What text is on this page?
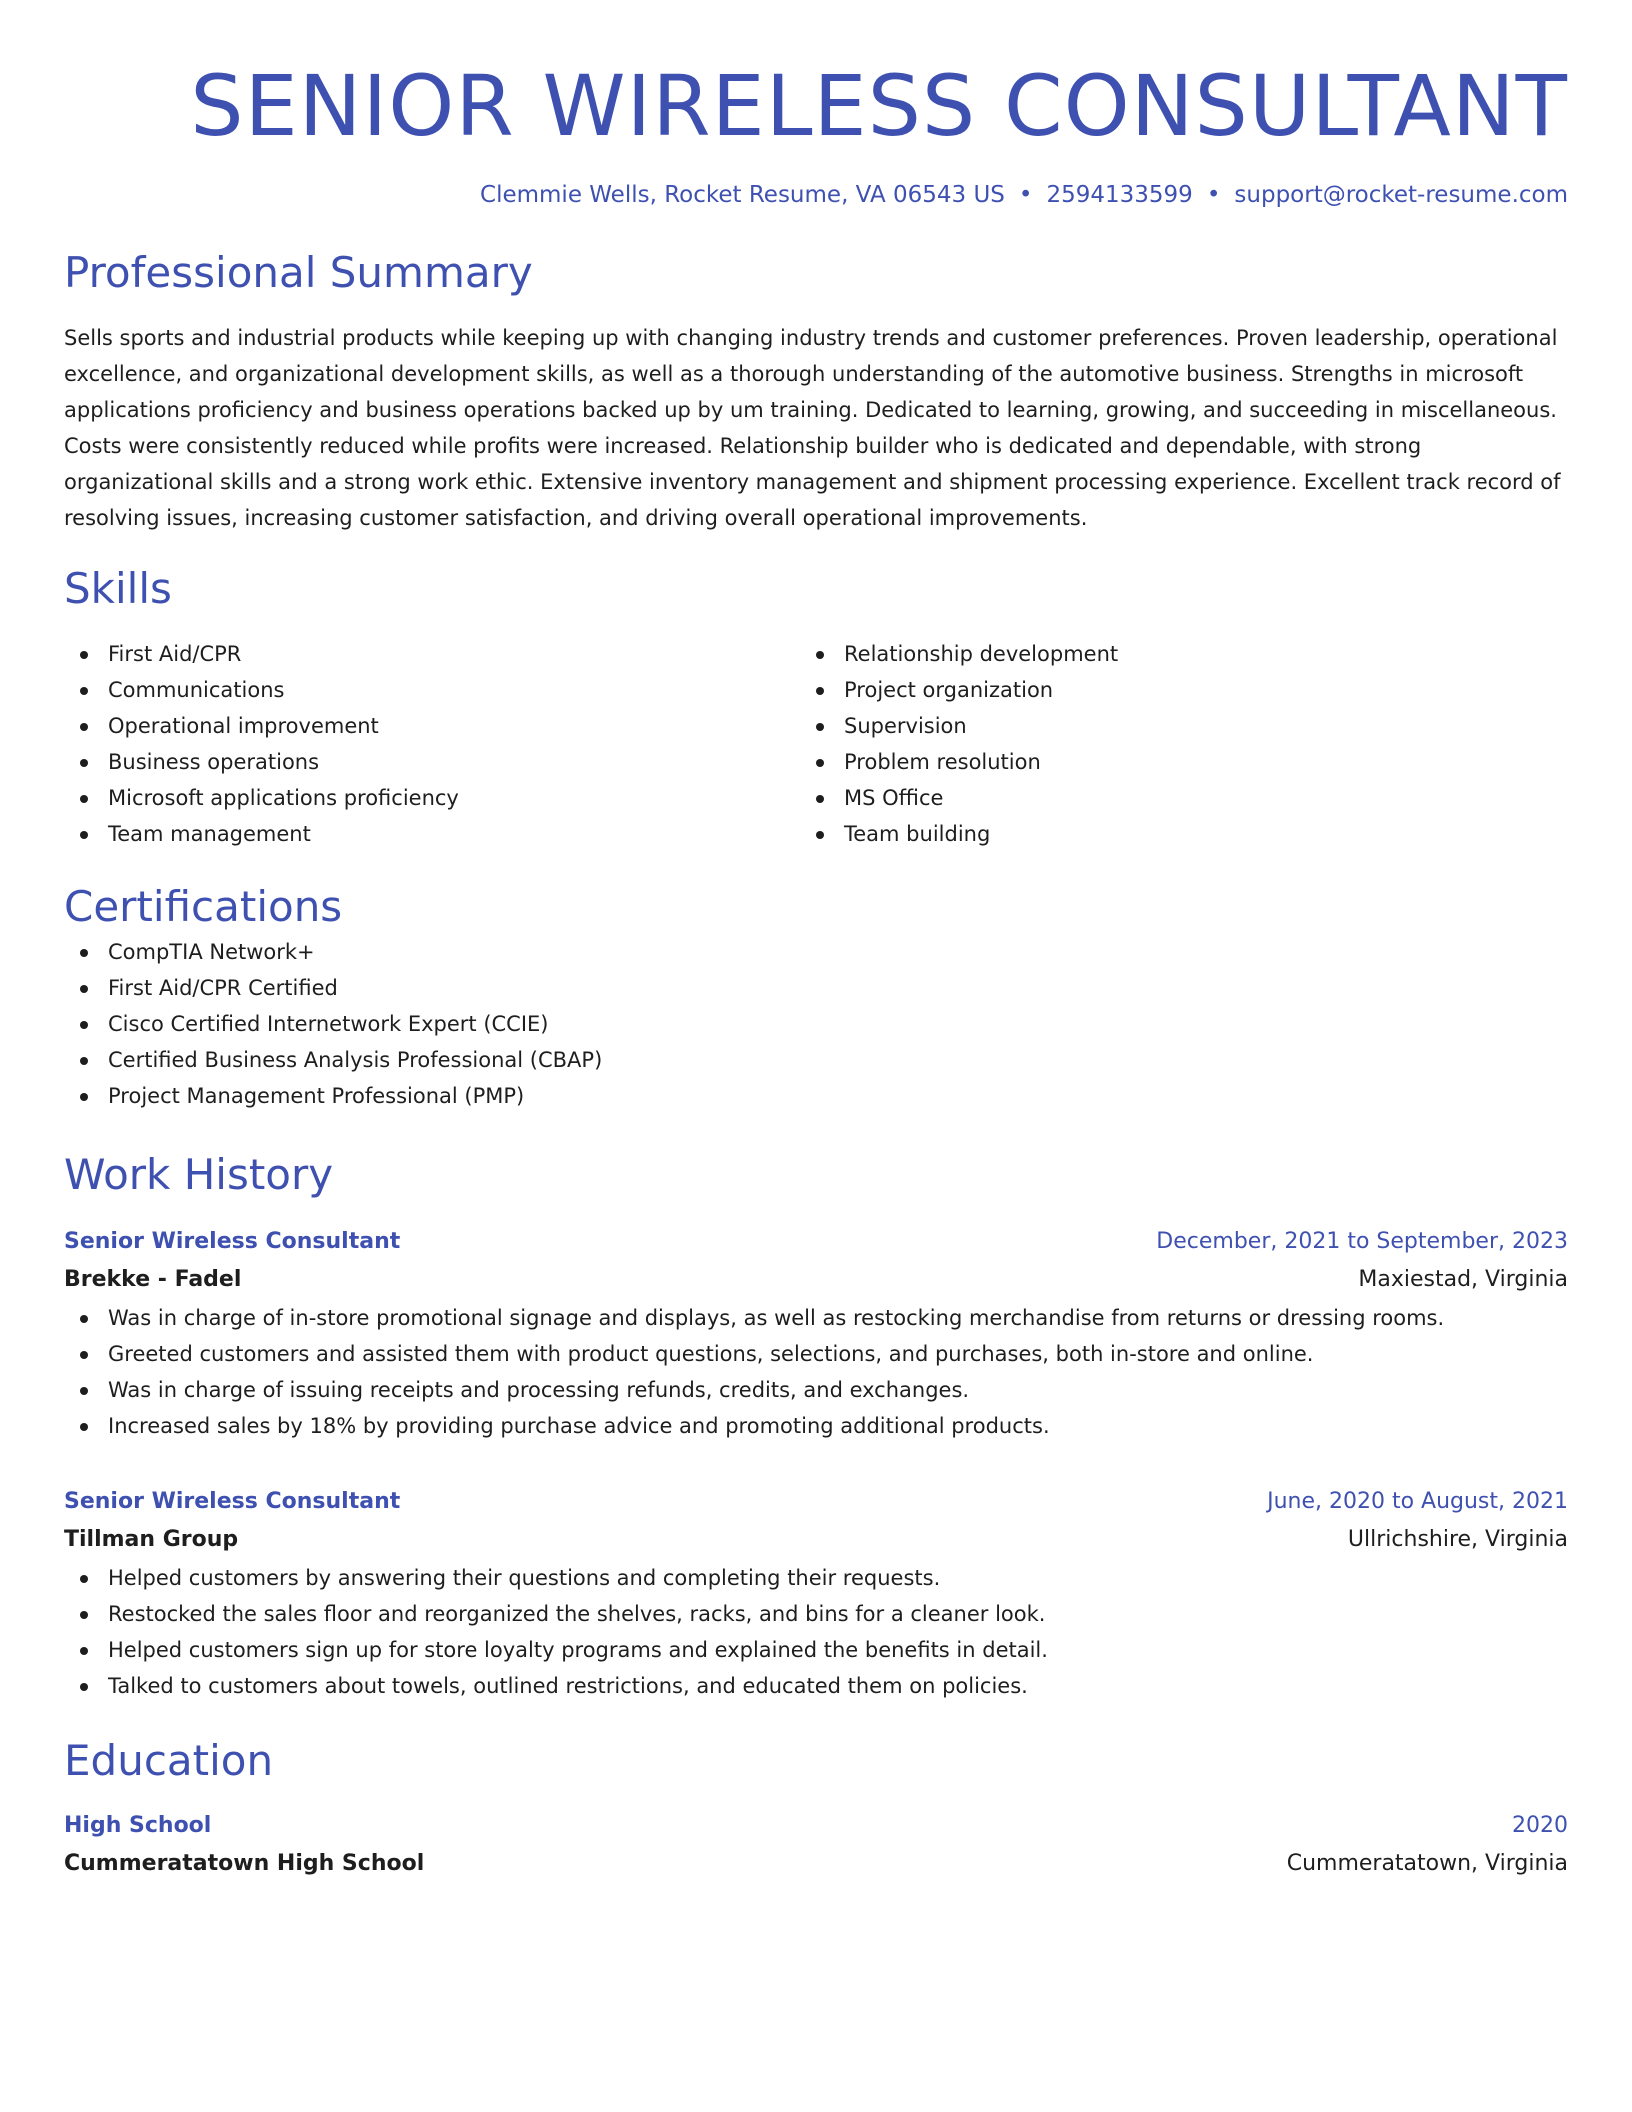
SENIOR WIRELESS CONSULTANT
Clemmie Wells, Rocket Resume, VA 06543 US • 2594133599 • support@rocket-resume.com
Professional Summary

Sells sports and industrial products while keeping up with changing industry trends and customer preferences. Proven leadership, operational excellence, and organizational development skills, as well as a thorough understanding of the automotive business. Strengths in microsoft applications proficiency and business operations backed up by um training. Dedicated to learning, growing, and succeeding in miscellaneous. Costs were consistently reduced while profits were increased. Relationship builder who is dedicated and dependable, with strong organizational skills and a strong work ethic. Extensive inventory management and shipment processing experience. Excellent track record of resolving issues, increasing customer satisfaction, and driving overall operational improvements.

Skills
First Aid/CPR
Communications
Operational improvement
Business operations
Microsoft applications proficiency
Team management
Relationship development
Project organization
Supervision
Problem resolution
MS Office
Team building
Certifications
CompTIA Network+
First Aid/CPR Certified
Cisco Certified Internetwork Expert (CCIE)
Certified Business Analysis Professional (CBAP)
Project Management Professional (PMP)
Work History
Senior Wireless Consultant	December, 2021 to September, 2023
Brekke - Fadel	Maxiestad, Virginia
Was in charge of in-store promotional signage and displays, as well as restocking merchandise from returns or dressing rooms.
Greeted customers and assisted them with product questions, selections, and purchases, both in-store and online.
Was in charge of issuing receipts and processing refunds, credits, and exchanges.
Increased sales by 18% by providing purchase advice and promoting additional products.
Senior Wireless Consultant	June, 2020 to August, 2021
Tillman Group	Ullrichshire, Virginia
Helped customers by answering their questions and completing their requests.
Restocked the sales floor and reorganized the shelves, racks, and bins for a cleaner look.
Helped customers sign up for store loyalty programs and explained the benefits in detail.
Talked to customers about towels, outlined restrictions, and educated them on policies.
Education
High School	2020
Cummeratatown High School	Cummeratatown, Virginia
